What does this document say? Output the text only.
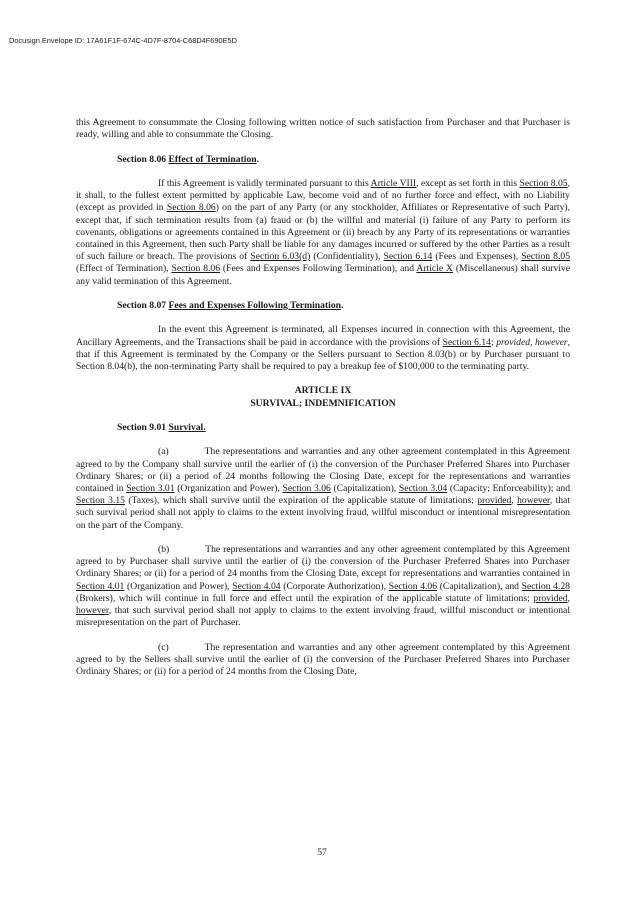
Docusign Envelope ID: 17A61F1F-674C-4D7F-8704-C68D4F690E5D

this Agreement to consummate the Closing following written notice of such satisfaction from Purchaser and that Purchaser is ready, willing and able to consummate the Closing.

Section 8.06 Effect of Termination.

If this Agreement is validly terminated pursuant to this Article VIII, except as set forth in this Section 8.05, it shall, to the fullest extent permitted by applicable Law, become void and of no further force and effect, with no Liability (except as provided in Section 8.06) on the part of any Party (or any stockholder, Affiliates or Representative of such Party), except that, if such termination results from (a) fraud or (b) the willful and material (i) failure of any Party to perform its covenants, obligations or agreements contained in this Agreement or (ii) breach by any Party of its representations or warranties contained in this Agreement, then such Party shall be liable for any damages incurred or suffered by the other Parties as a result of such failure or breach. The provisions of Section 6.03(d) (Confidentiality), Section 6.14 (Fees and Expenses), Section 8.05 (Effect of Termination), Section 8.06 (Fees and Expenses Following Termination), and Article X (Miscellaneous) shall survive any valid termination of this Agreement.

Section 8.07 Fees and Expenses Following Termination.

In the event this Agreement is terminated, all Expenses incurred in connection with this Agreement, the Ancillary Agreements, and the Transactions shall be paid in accordance with the provisions of Section 6.14; provided, however, that if this Agreement is terminated by the Company or the Sellers pursuant to Section 8.03(b) or by Purchaser pursuant to Section 8.04(b), the non-terminating Party shall be required to pay a breakup fee of $100,000 to the terminating party.

ARTICLE IX

SURVIVAL; INDEMNIFICATION

Section 9.01 Survival.

(a)	The representations and warranties and any other agreement contemplated in this Agreement agreed to by the Company shall survive until the earlier of (i) the conversion of the Purchaser Preferred Shares into Purchaser Ordinary Shares; or (ii) a period of 24 months following the Closing Date, except for the representations and warranties contained in Section 3.01 (Organization and Power), Section 3.06 (Capitalization), Section 3.04 (Capacity; Enforceability); and Section 3.15 (Taxes), which shall survive until the expiration of the applicable statute of limitations; provided, however, that such survival period shall not apply to claims to the extent involving fraud, willful misconduct or intentional misrepresentation on the part of the Company.

(b)	The representations and warranties and any other agreement contemplated by this Agreement agreed to by Purchaser shall survive until the earlier of (i) the conversion of the Purchaser Preferred Shares into Purchaser Ordinary Shares; or (ii) for a period of 24 months from the Closing Date, except for representations and warranties contained in Section 4.01 (Organization and Power), Section 4.04 (Corporate Authorization), Section 4.06 (Capitalization), and Section 4.28 (Brokers), which will continue in full force and effect until the expiration of the applicable statute of limitations; provided, however, that such survival period shall not apply to claims to the extent involving fraud, willful misconduct or intentional misrepresentation on the part of Purchaser.

(c)	The representation and warranties and any other agreement contemplated by this Agreement agreed to by the Sellers shall survive until the earlier of (i) the conversion of the Purchaser Preferred Shares into Purchaser Ordinary Shares; or (ii) for a period of 24 months from the Closing Date,

57
